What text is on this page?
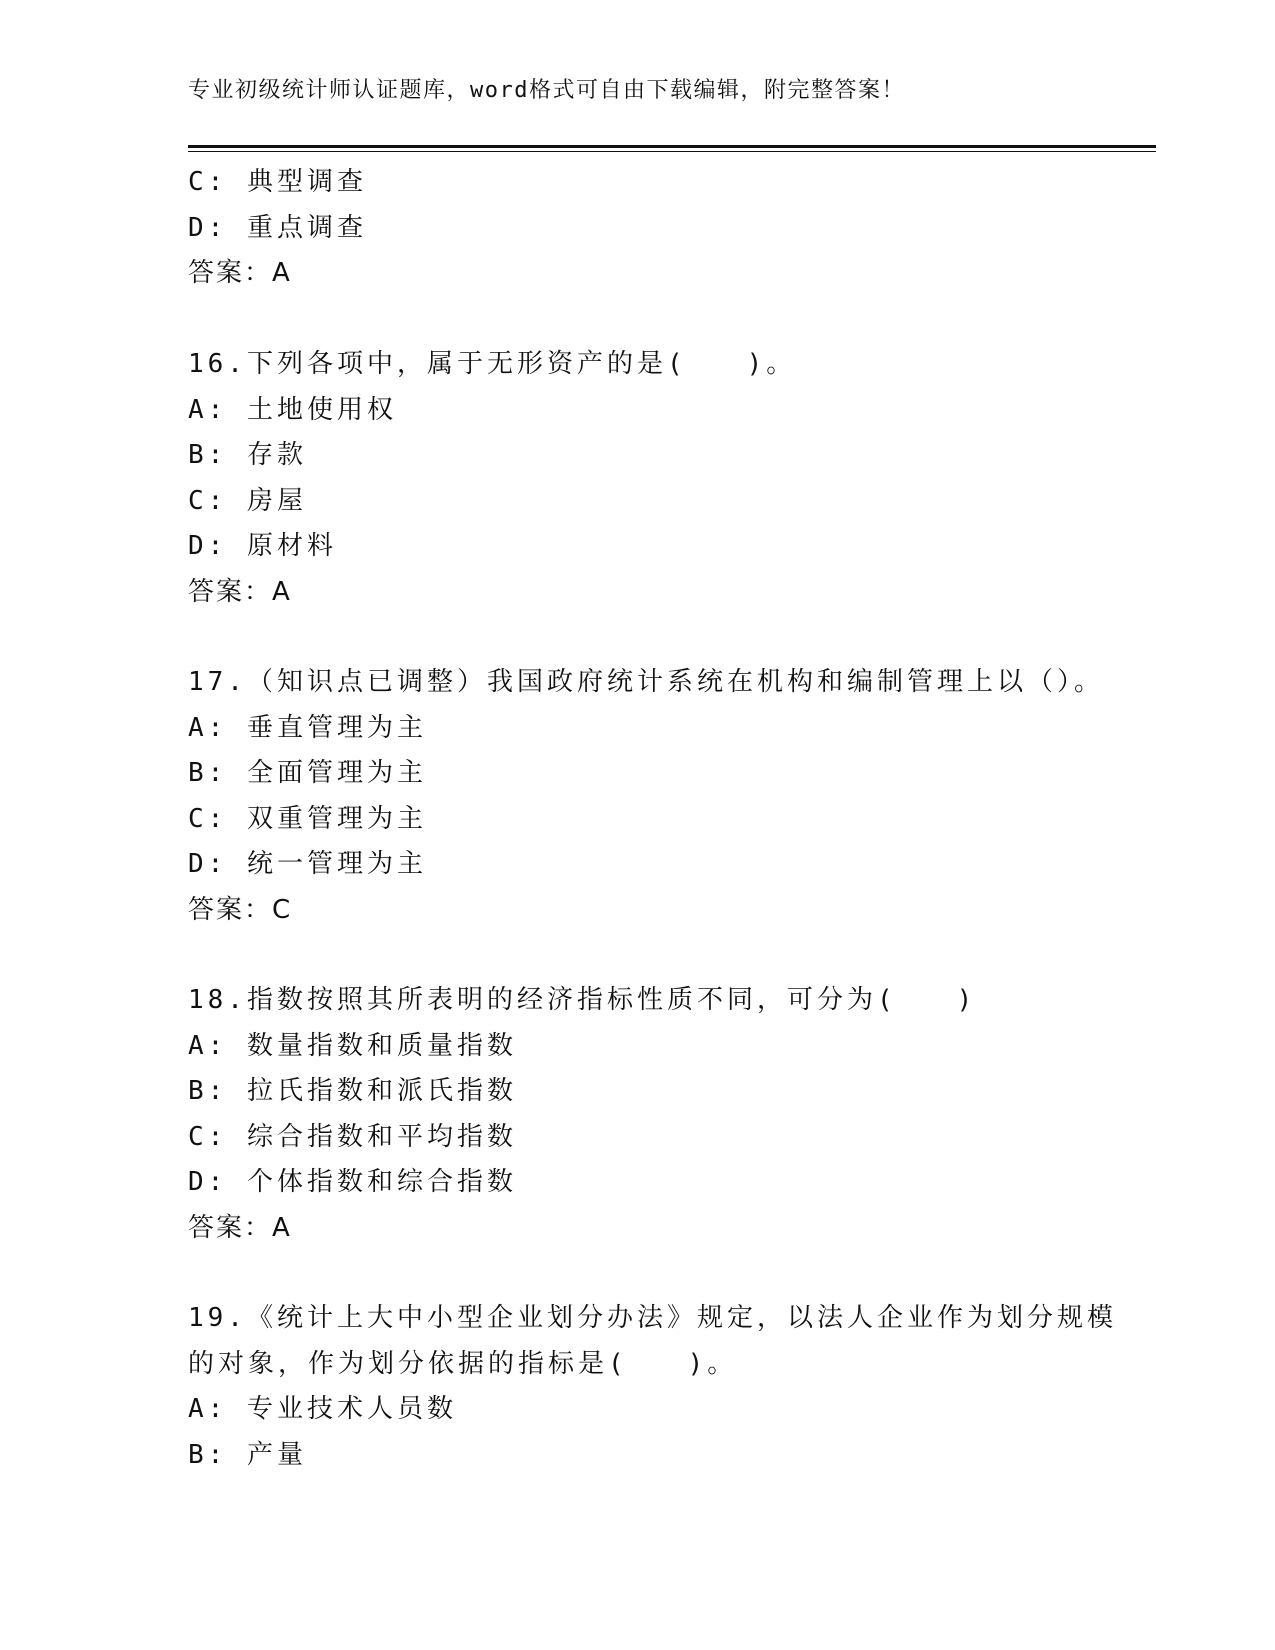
专业初级统计师认证题库，word格式可自由下载编辑，附完整答案！
C: 典型调查
D: 重点调查
答案：A
16.下列各项中，属于无形资产的是(　　)。
A: 土地使用权
B: 存款
C: 房屋
D: 原材料
答案：A
17.（知识点已调整）我国政府统计系统在机构和编制管理上以（）。
A: 垂直管理为主
B: 全面管理为主
C: 双重管理为主
D: 统一管理为主
答案：C
18.指数按照其所表明的经济指标性质不同，可分为(　　)
A: 数量指数和质量指数
B: 拉氏指数和派氏指数
C: 综合指数和平均指数
D: 个体指数和综合指数
答案：A
19.《统计上大中小型企业划分办法》规定，以法人企业作为划分规模
的对象，作为划分依据的指标是(　　)。
A: 专业技术人员数
B: 产量
